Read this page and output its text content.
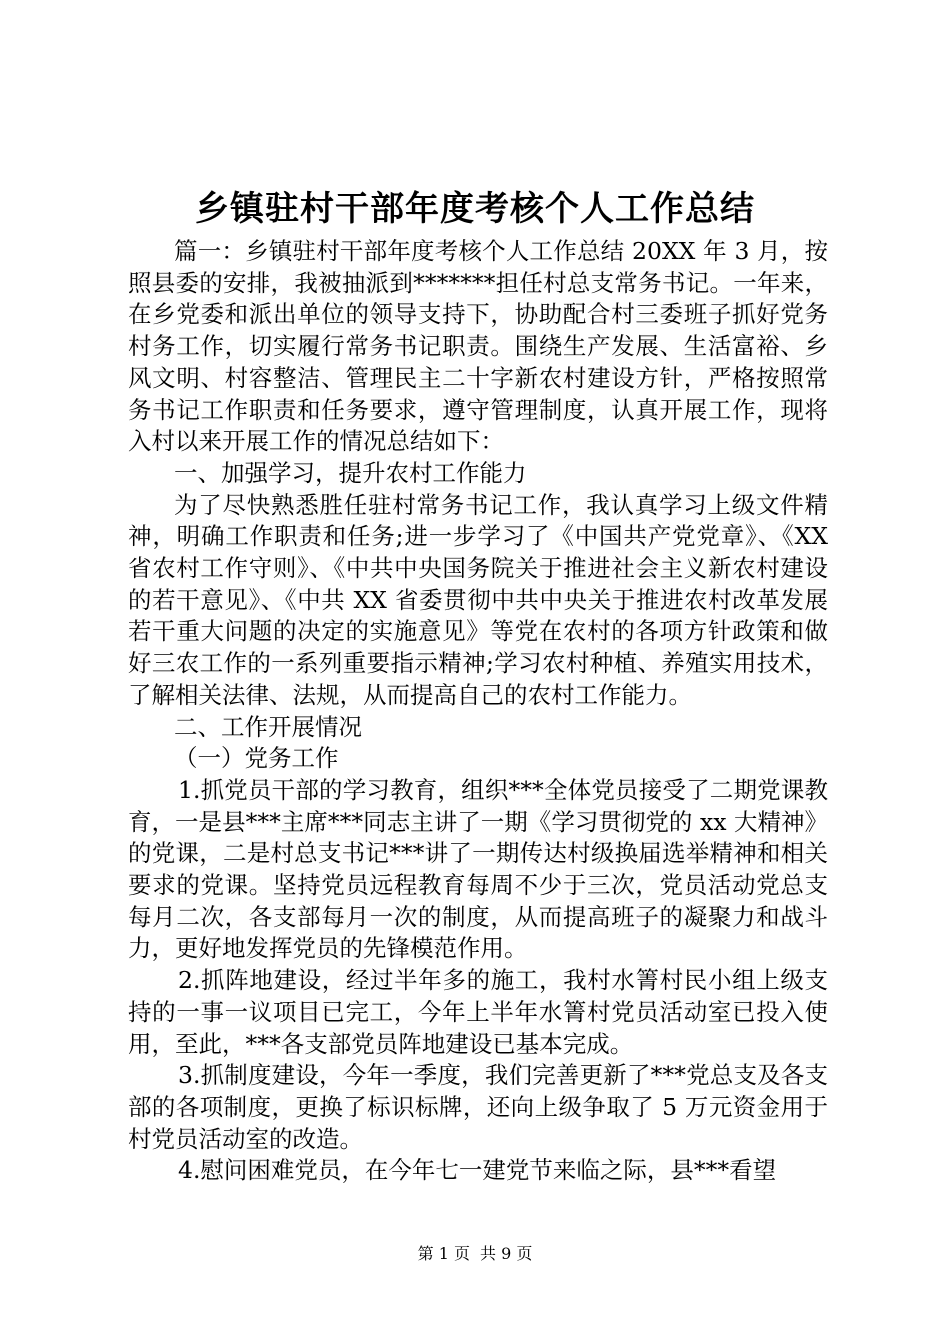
乡镇驻村干部年度考核个人工作总结

篇一：乡镇驻村干部年度考核个人工作总结 20XX 年 3 月，按照县委的安排，我被抽派到*******担任村总支常务书记。一年来，在乡党委和派出单位的领导支持下，协助配合村三委班子抓好党务村务工作，切实履行常务书记职责。围绕生产发展、生活富裕、乡风文明、村容整洁、管理民主二十字新农村建设方针，严格按照常务书记工作职责和任务要求，遵守管理制度，认真开展工作，现将入村以来开展工作的情况总结如下：

一、加强学习，提升农村工作能力

为了尽快熟悉胜任驻村常务书记工作，我认真学习上级文件精神，明确工作职责和任务;进一步学习了《中国共产党党章》、《XX 省农村工作守则》、《中共中央国务院关于推进社会主义新农村建设的若干意见》、《中共 XX 省委贯彻中共中央关于推进农村改革发展若干重大问题的决定的实施意见》等党在农村的各项方针政策和做好三农工作的一系列重要指示精神;学习农村种植、养殖实用技术，了解相关法律、法规，从而提高自己的农村工作能力。

二、工作开展情况

（一）党务工作

1.抓党员干部的学习教育，组织***全体党员接受了二期党课教育，一是县***主席***同志主讲了一期《学习贯彻党的 xx 大精神》的党课，二是村总支书记***讲了一期传达村级换届选举精神和相关要求的党课。坚持党员远程教育每周不少于三次，党员活动党总支每月二次，各支部每月一次的制度，从而提高班子的凝聚力和战斗力，更好地发挥党员的先锋模范作用。

2.抓阵地建设，经过半年多的施工，我村水箐村民小组上级支持的一事一议项目已完工，今年上半年水箐村党员活动室已投入使用，至此，***各支部党员阵地建设已基本完成。

3.抓制度建设，今年一季度，我们完善更新了***党总支及各支部的各项制度，更换了标识标牌，还向上级争取了 5 万元资金用于村党员活动室的改造。

4.慰问困难党员，在今年七一建党节来临之际，县***看望

第 1 页 共 9 页
